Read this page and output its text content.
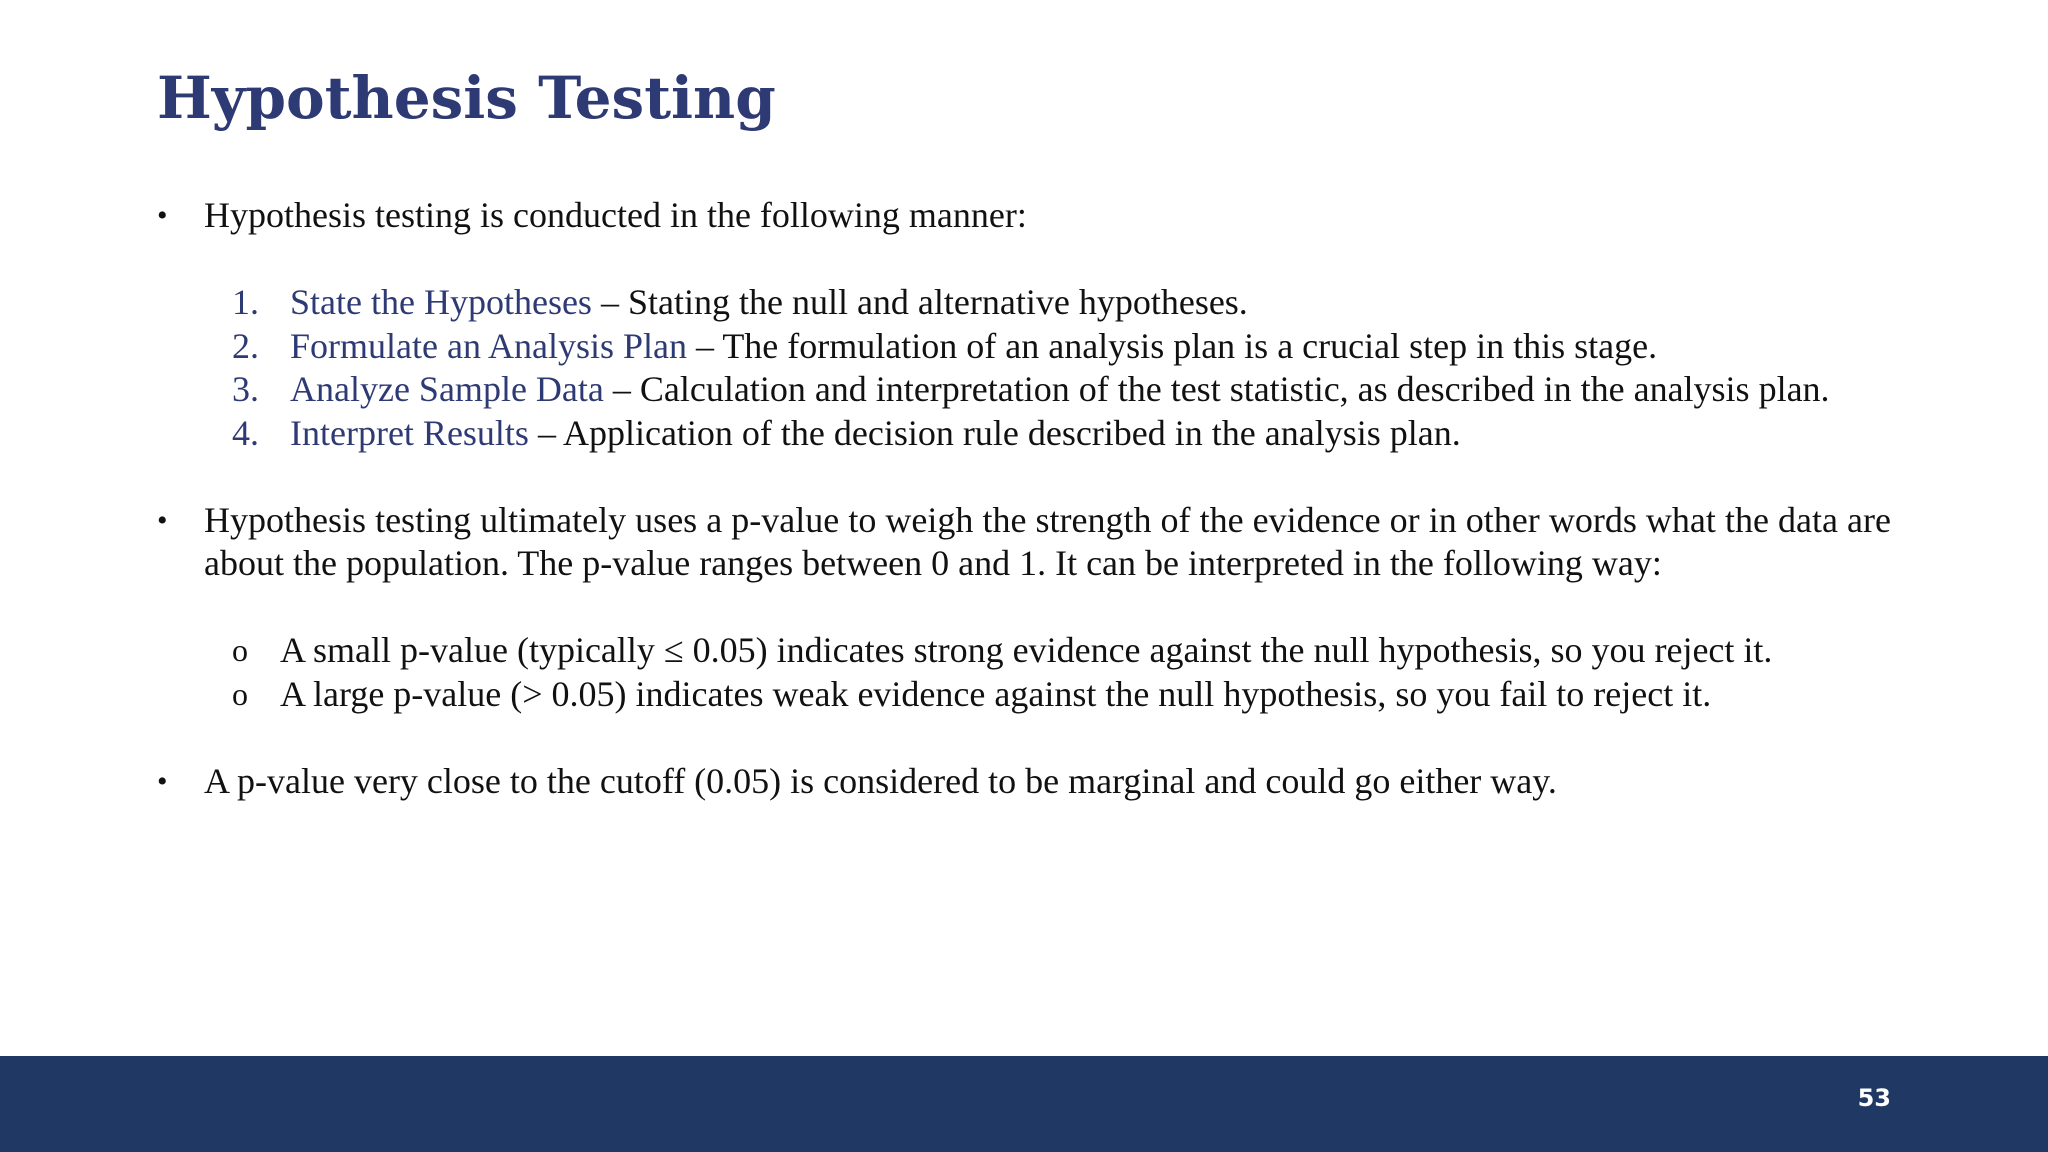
Hypothesis Testing
•	Hypothesis testing is conducted in the following manner:
1. State the Hypotheses – Stating the null and alternative hypotheses.
2. Formulate an Analysis Plan – The formulation of an analysis plan is a crucial step in this stage.
3. Analyze Sample Data – Calculation and interpretation of the test statistic, as described in the analysis plan.
4. Interpret Results – Application of the decision rule described in the analysis plan.
•	Hypothesis testing ultimately uses a p-value to weigh the strength of the evidence or in other words what the data are about the population. The p-value ranges between 0 and 1. It can be interpreted in the following way:
o A small p-value (typically ≤ 0.05) indicates strong evidence against the null hypothesis, so you reject it.
o A large p-value (> 0.05) indicates weak evidence against the null hypothesis, so you fail to reject it.
•	A p-value very close to the cutoff (0.05) is considered to be marginal and could go either way.
53
